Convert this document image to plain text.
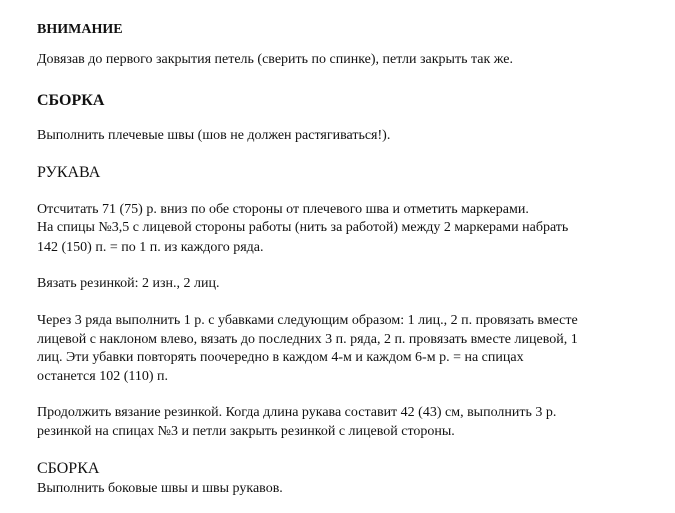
ВНИМАНИЕ
Довязав до первого закрытия петель (сверить по спинке), петли закрыть так же.
СБОРКА
Выполнить плечевые швы (шов не должен растягиваться!).
РУКАВА
Отсчитать 71 (75) р. вниз по обе стороны от плечевого шва и отметить маркерами.
На спицы №3,5 с лицевой стороны работы (нить за работой) между 2 маркерами набрать
142 (150) п. = по 1 п. из каждого ряда.
Вязать резинкой: 2 изн., 2 лиц.
Через 3 ряда выполнить 1 р. с убавками следующим образом: 1 лиц., 2 п. провязать вместе
лицевой с наклоном влево, вязать до последних 3 п. ряда, 2 п. провязать вместе лицевой, 1
лиц. Эти убавки повторять поочередно в каждом 4-м и каждом 6-м р. = на спицах
останется 102 (110) п.
Продолжить вязание резинкой. Когда длина рукава составит 42 (43) см, выполнить 3 р.
резинкой на спицах №3 и петли закрыть резинкой с лицевой стороны.
СБОРКА
Выполнить боковые швы и швы рукавов.
